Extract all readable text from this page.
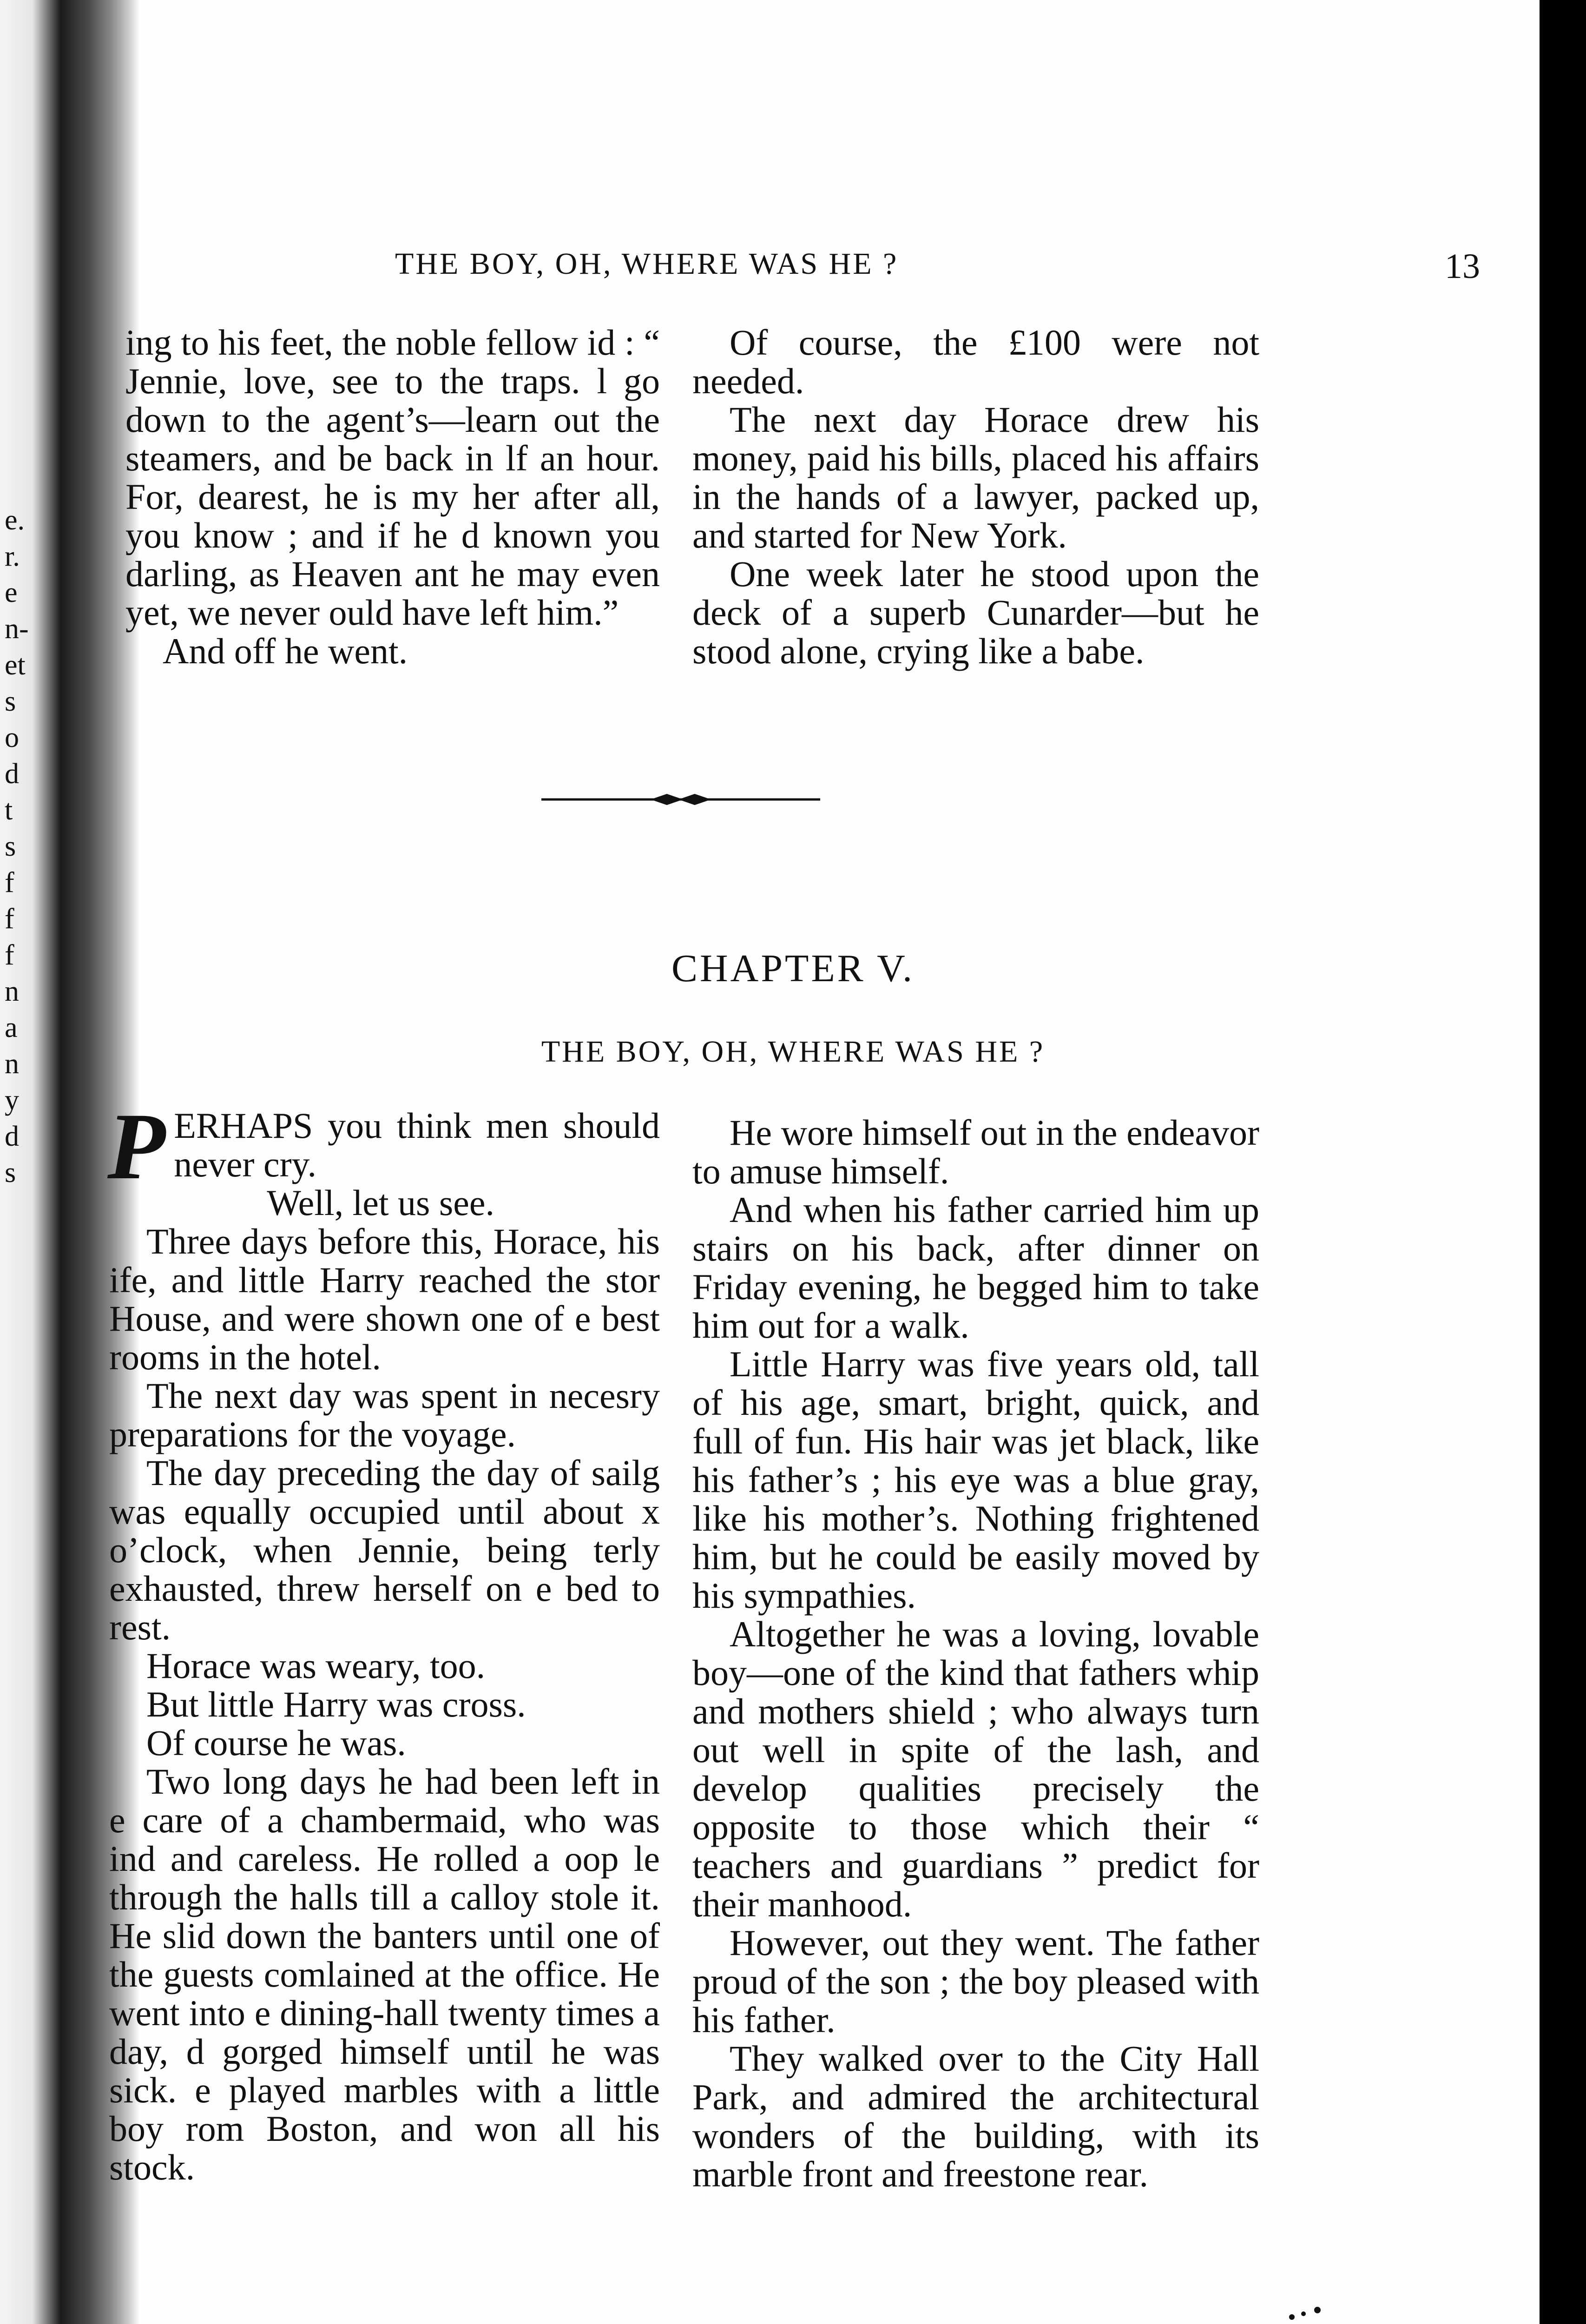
e.
r.
e
n-
et
s
o
d
t
s
f
f
f
n
a
n
y
d
s
THE BOY, OH, WHERE WAS HE ?	13

ing to his feet, the noble fellow id : “ Jennie, love, see to the traps. l go down to the agent’s—learn out the steamers, and be back in lf an hour. For, dearest, he is my her after all, you know ; and if he d known you darling, as Heaven ant he may even yet, we never ould have left him.”

And off he went.

Of course, the £100 were not needed.

The next day Horace drew his money, paid his bills, placed his affairs in the hands of a lawyer, packed up, and started for New York.

One week later he stood upon the deck of a superb Cunarder—but he stood alone, crying like a babe.

CHAPTER V.
THE BOY, OH, WHERE WAS HE ?

P ERHAPS you think men should never cry.

Well, let us see.

Three days before this, Horace, his ife, and little Harry reached the stor House, and were shown one of e best rooms in the hotel.

The next day was spent in necesry preparations for the voyage.

The day preceding the day of sailg was equally occupied until about x o’clock, when Jennie, being terly exhausted, threw herself on e bed to rest.

Horace was weary, too.

But little Harry was cross.

Of course he was.

Two long days he had been left in e care of a chambermaid, who was ind and careless. He rolled a oop le through the halls till a calloy stole it. He slid down the banters until one of the guests comlained at the office. He went into e dining-hall twenty times a day, d gorged himself until he was sick. e played marbles with a little boy rom Boston, and won all his stock.

He wore himself out in the endeavor to amuse himself.

And when his father carried him up stairs on his back, after dinner on Friday evening, he begged him to take him out for a walk.

Little Harry was five years old, tall of his age, smart, bright, quick, and full of fun. His hair was jet black, like his father’s ; his eye was a blue gray, like his mother’s. Nothing frightened him, but he could be easily moved by his sympathies.

Altogether he was a loving, lovable boy—one of the kind that fathers whip and mothers shield ; who always turn out well in spite of the lash, and develop qualities precisely the opposite to those which their “ teachers and guardians ” predict for their manhood.

However, out they went. The father proud of the son ; the boy pleased with his father.

They walked over to the City Hall Park, and admired the architectural wonders of the building, with its marble front and freestone rear.
